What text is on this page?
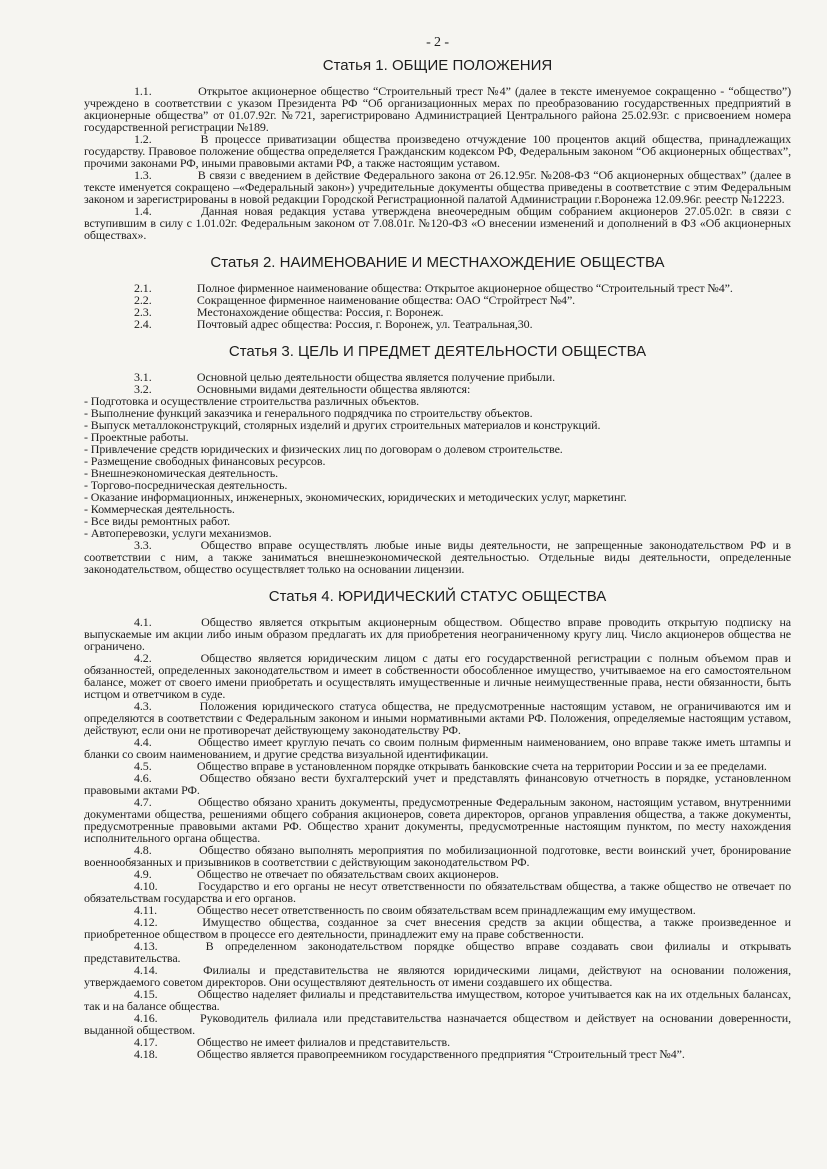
- 2 -
Статья 1. ОБЩИЕ ПОЛОЖЕНИЯ

1.1.	Открытое акционерное общество “Строительный трест №4” (далее в тексте именуемое сокращенно - “общество”) учреждено в соответствии с указом Президента РФ “Об организационных мерах по преобразованию государственных предприятий в акционерные общества” от 01.07.92г. №721, зарегистрировано Администрацией Центрального района 25.02.93г. с присвоением номера государственной регистрации №189.

1.2.	В процессе приватизации общества произведено отчуждение 100 процентов акций общества, принадлежащих государству. Правовое положение общества определяется Гражданским кодексом РФ, Федеральным законом “Об акционерных обществах”, прочими законами РФ, иными правовыми актами РФ, а также настоящим уставом.

1.3.	В связи с введением в действие Федерального закона от 26.12.95г. №208-ФЗ “Об акционерных обществах” (далее в тексте именуется сокращено –«Федеральный закон») учредительные документы общества приведены в соответствие с этим Федеральным законом и зарегистрированы в новой редакции Городской Регистрационной палатой Администрации г.Воронежа 12.09.96г. реестр №12223.

1.4.	Данная новая редакция устава утверждена внеочередным общим собранием акционеров 27.05.02г. в связи с вступившим в силу с 1.01.02г. Федеральным законом от 7.08.01г. №120-ФЗ «О внесении изменений и дополнений в ФЗ «Об акционерных обществах».

Статья 2. НАИМЕНОВАНИЕ И МЕСТНАХОЖДЕНИЕ ОБЩЕСТВА

2.1.	Полное фирменное наименование общества: Открытое акционерное общество “Строительный трест №4”.

2.2.	Сокращенное фирменное наименование общества: ОАО “Стройтрест №4”.

2.3.	Местонахождение общества: Россия, г. Воронеж.

2.4.	Почтовый адрес общества: Россия, г. Воронеж, ул. Театральная,30.

Статья 3. ЦЕЛЬ И ПРЕДМЕТ ДЕЯТЕЛЬНОСТИ ОБЩЕСТВА

3.1.	Основной целью деятельности общества является получение прибыли.

3.2.	Основными видами деятельности общества являются:

- Подготовка и осуществление строительства различных объектов.

- Выполнение функций заказчика и генерального подрядчика по строительству объектов.

- Выпуск металлоконструкций, столярных изделий и других строительных материалов и конструкций.

- Проектные работы.

- Привлечение средств юридических и физических лиц по договорам о долевом строительстве.

- Размещение свободных финансовых ресурсов.

- Внешнеэкономическая деятельность.

- Торгово-посредническая деятельность.

- Оказание информационных, инженерных, экономических, юридических и методических услуг, маркетинг.

- Коммерческая деятельность.

- Все виды ремонтных работ.

- Автоперевозки, услуги механизмов.

3.3.	Общество вправе осуществлять любые иные виды деятельности, не запрещенные законодательством РФ и в соответствии с ним, а также заниматься внешнеэкономической деятельностью. Отдельные виды деятельности, определенные законодательством, общество осуществляет только на основании лицензии.

Статья 4. ЮРИДИЧЕСКИЙ СТАТУС ОБЩЕСТВА

4.1.	Общество является открытым акционерным обществом. Общество вправе проводить открытую подписку на выпускаемые им акции либо иным образом предлагать их для приобретения неограниченному кругу лиц. Число акционеров общества не ограничено.

4.2.	Общество является юридическим лицом с даты его государственной регистрации с полным объемом прав и обязанностей, определенных законодательством и имеет в собственности обособленное имущество, учитываемое на его самостоятельном балансе, может от своего имени приобретать и осуществлять имущественные и личные неимущественные права, нести обязанности, быть истцом и ответчиком в суде.

4.3.	Положения юридического статуса общества, не предусмотренные настоящим уставом, не ограничиваются им и определяются в соответствии с Федеральным законом и иными нормативными актами РФ. Положения, определяемые настоящим уставом, действуют, если они не противоречат действующему законодательству РФ.

4.4.	Общество имеет круглую печать со своим полным фирменным наименованием, оно вправе также иметь штампы и бланки со своим наименованием, и другие средства визуальной идентификации.

4.5.	Общество вправе в установленном порядке открывать банковские счета на территории России и за ее пределами.

4.6.	Общество обязано вести бухгалтерский учет и представлять финансовую отчетность в порядке, установленном правовыми актами РФ.

4.7.	Общество обязано хранить документы, предусмотренные Федеральным законом, настоящим уставом, внутренними документами общества, решениями общего собрания акционеров, совета директоров, органов управления общества, а также документы, предусмотренные правовыми актами РФ. Общество хранит документы, предусмотренные настоящим пунктом, по месту нахождения исполнительного органа общества.

4.8.	Общество обязано выполнять мероприятия по мобилизационной подготовке, вести воинский учет, бронирование военнообязанных и призывников в соответствии с действующим законодательством РФ.

4.9.	Общество не отвечает по обязательствам своих акционеров.

4.10.	Государство и его органы не несут ответственности по обязательствам общества, а также общество не отвечает по обязательствам государства и его органов.

4.11.	Общество несет ответственность по своим обязательствам всем принадлежащим ему имуществом.

4.12.	Имущество общества, созданное за счет внесения средств за акции общества, а также произведенное и приобретенное обществом в процессе его деятельности, принадлежит ему на праве собственности.

4.13.	В определенном законодательством порядке общество вправе создавать свои филиалы и открывать представительства.

4.14.	Филиалы и представительства не являются юридическими лицами, действуют на основании положения, утверждаемого советом директоров. Они осуществляют деятельность от имени создавшего их общества.

4.15.	Общество наделяет филиалы и представительства имуществом, которое учитывается как на их отдельных балансах, так и на балансе общества.

4.16.	Руководитель филиала или представительства назначается обществом и действует на основании доверенности, выданной обществом.

4.17.	Общество не имеет филиалов и представительств.

4.18.	Общество является правопреемником государственного предприятия “Строительный трест №4”.
